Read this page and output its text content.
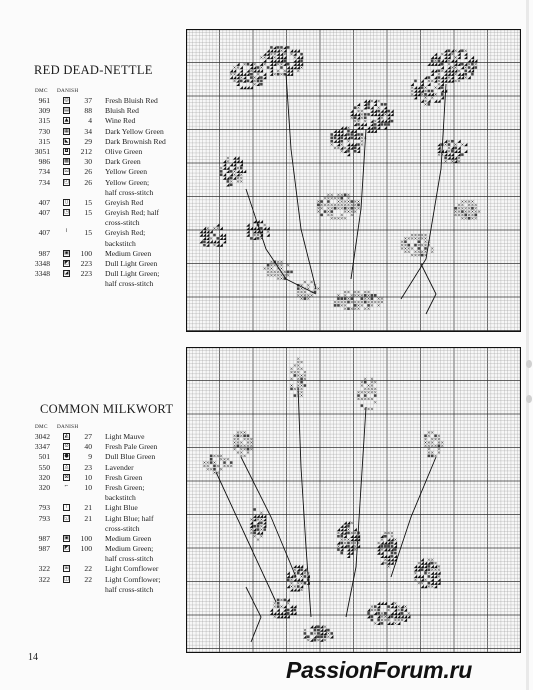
RED DEAD-NETTLE
DMC DANISH
961	◎	37 Fresh Bluish Red
309	▤	88 Bluish Red
315	▲	4 Wine Red
730	▦	34 Dark Yellow Green
315	◣	29 Dark Brownish Red
3051	◘	212 Olive Green
986	▩	30 Dark Green
734	⊡	26 Yellow Green
734	◰	26 Yellow Green;
half cross-stitch
407	▯	15 Greyish Red
407	◳	15 Greyish Red; half
cross-stitch
407	⌇	15 Greyish Red;
backstitch
987	▣	100 Medium Green
3348	◩	223 Dull Light Green
3348	◪	223 Dull Light Green;
half cross-stitch
COMMON MILKWORT
DMC DANISH
3042	◭	27 Light Mauve
3347	⊙	40 Fresh Pale Green
501	●	9 Dull Blue Green
550	◬	23 Lavender
320	⊠	10 Fresh Green
320	⌐	10 Fresh Green;
backstitch
793	⊤	21 Light Blue
793	◱	21 Light Blue; half
cross-stitch
987	▣	100 Medium Green
987	◩	100 Medium Green;
half cross-stitch
322	⊞	22 Light Cornflower
322	◫	22 Light Cornflower;
half cross-stitch
14	PassionForum.ru
